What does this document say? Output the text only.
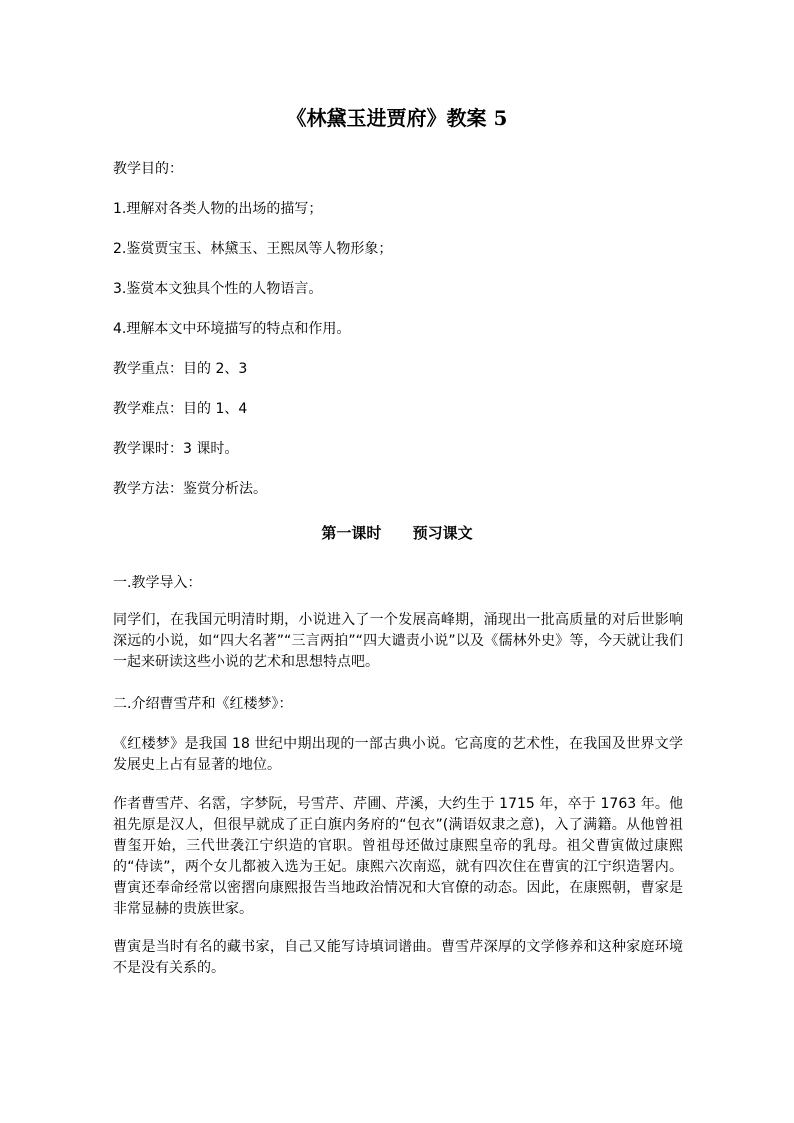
《林黛玉进贾府》教案 5

教学目的：

1.理解对各类人物的出场的描写；

2.鉴赏贾宝玉、林黛玉、王熙凤等人物形象；

3.鉴赏本文独具个性的人物语言。

4.理解本文中环境描写的特点和作用。

教学重点：目的 2、3

教学难点：目的 1、4

教学课时：3 课时。

教学方法：鉴赏分析法。

第一课时      预习课文

一.教学导入：

同学们，在我国元明清时期，小说进入了一个发展高峰期，涌现出一批高质量的对后世影响深远的小说，如“四大名著”“三言两拍”“四大谴责小说”以及《儒林外史》等，今天就让我们一起来研读这些小说的艺术和思想特点吧。

二.介绍曹雪芹和《红楼梦》：

《红楼梦》是我国 18 世纪中期出现的一部古典小说。它高度的艺术性，在我国及世界文学发展史上占有显著的地位。

作者曹雪芹、名霑，字梦阮，号雪芹、芹圃、芹溪，大约生于 1715 年，卒于 1763 年。他祖先原是汉人，但很早就成了正白旗内务府的“包衣”(满语奴隶之意)，入了满籍。从他曾祖曹玺开始，三代世袭江宁织造的官职。曾祖母还做过康熙皇帝的乳母。祖父曹寅做过康熙的“侍读”，两个女儿都被入选为王妃。康熙六次南巡，就有四次住在曹寅的江宁织造署内。曹寅还奉命经常以密摺向康熙报告当地政治情况和大官僚的动态。因此，在康熙朝，曹家是非常显赫的贵族世家。

曹寅是当时有名的藏书家，自己又能写诗填词谱曲。曹雪芹深厚的文学修养和这种家庭环境不是没有关系的。
